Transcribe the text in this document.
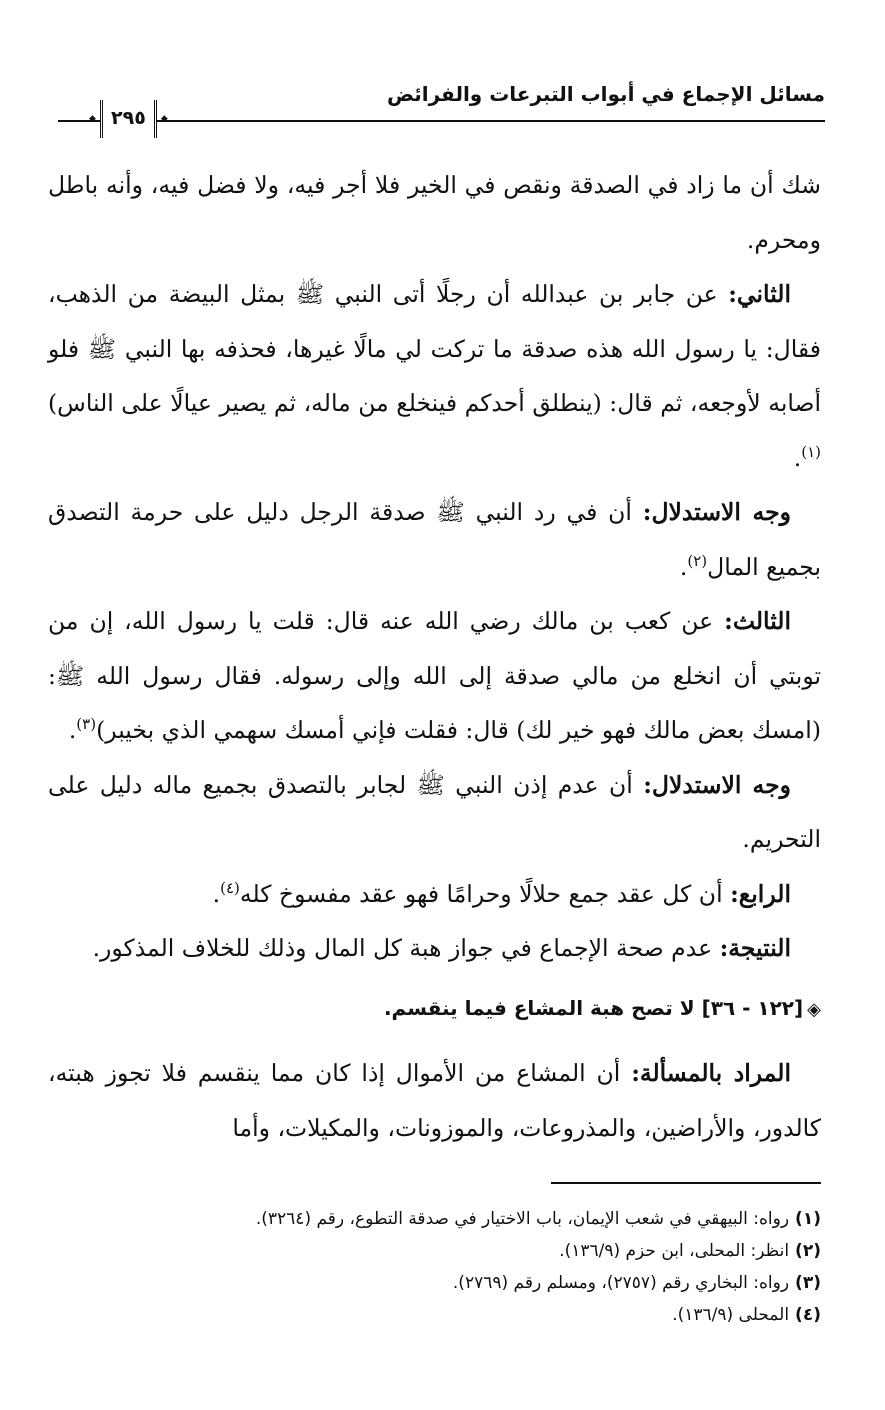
مسائل الإجماع في أبواب التبرعات والفرائض
◆ ٢٩٥ ◆

شك أن ما زاد في الصدقة ونقص في الخير فلا أجر فيه، ولا فضل فيه، وأنه باطل ومحرم.

الثاني: عن جابر بن عبدالله أن رجلًا أتى النبي ﷺ بمثل البيضة من الذهب، فقال: يا رسول الله هذه صدقة ما تركت لي مالًا غيرها، فحذفه بها النبي ﷺ فلو أصابه لأوجعه، ثم قال: (ينطلق أحدكم فينخلع من ماله، ثم يصير عيالًا على الناس)$^{(١)}$.

وجه الاستدلال: أن في رد النبي ﷺ صدقة الرجل دليل على حرمة التصدق بجميع المال$^{(٢)}$.

الثالث: عن كعب بن مالك رضي الله عنه قال: قلت يا رسول الله، إن من توبتي أن انخلع من مالي صدقة إلى الله وإلى رسوله. فقال رسول الله ﷺ: (امسك بعض مالك فهو خير لك) قال: فقلت فإني أمسك سهمي الذي بخيبر)$^{(٣)}$.

وجه الاستدلال: أن عدم إذن النبي ﷺ لجابر بالتصدق بجميع ماله دليل على التحريم.

الرابع: أن كل عقد جمع حلالًا وحرامًا فهو عقد مفسوخ كله$^{(٤)}$.

النتيجة: عدم صحة الإجماع في جواز هبة كل المال وذلك للخلاف المذكور.

◈[١٢٢ - ٣٦] لا تصح هبة المشاع فيما ينقسم.

المراد بالمسألة: أن المشاع من الأموال إذا كان مما ينقسم فلا تجوز هبته، كالدور، والأراضين، والمذروعات، والموزونات، والمكيلات، وأما

(١)رواه: البيهقي في شعب الإيمان، باب الاختيار في صدقة التطوع، رقم (٣٢٦٤).

(٢)انظر: المحلى، ابن حزم (١٣٦/٩).

(٣)رواه: البخاري رقم (٢٧٥٧)، ومسلم رقم (٢٧٦٩).

(٤)المحلى (١٣٦/٩).
